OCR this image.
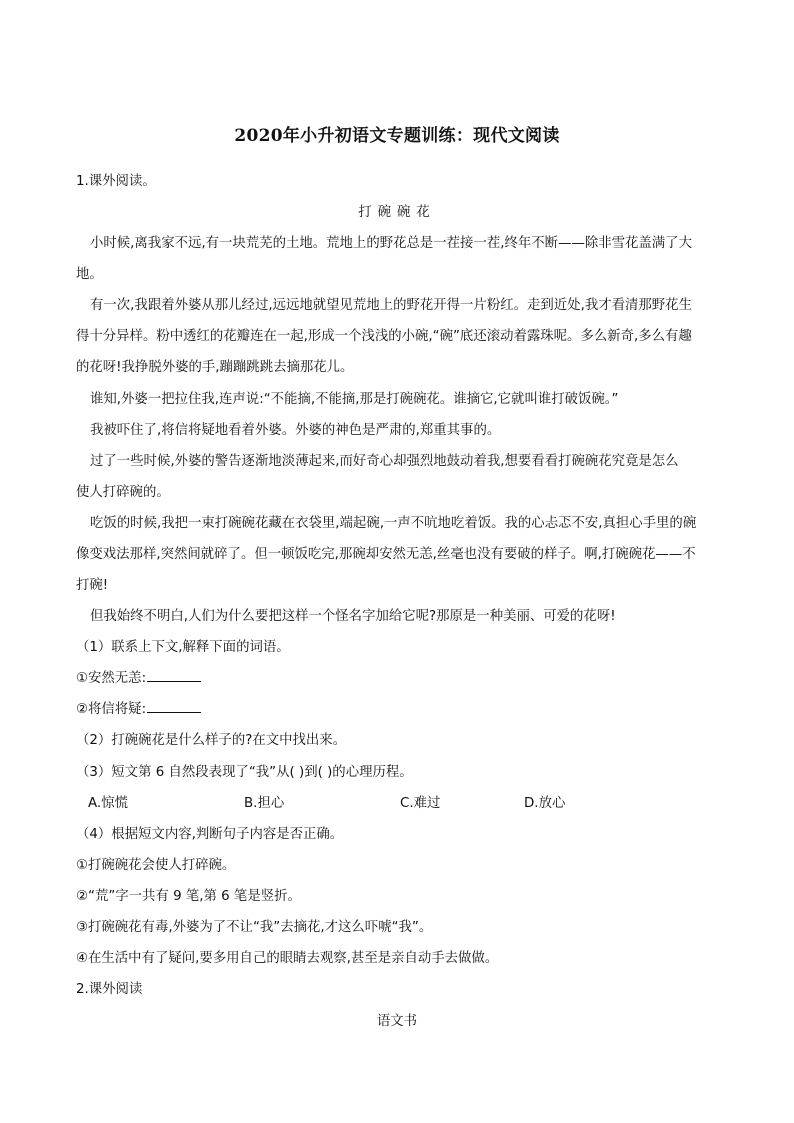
2020年小升初语文专题训练：现代文阅读
1.课外阅读。
打碗碗花
小时候,离我家不远,有一块荒芜的土地。荒地上的野花总是一茬接一茬,终年不断——除非雪花盖满了大
地。
有一次,我跟着外婆从那儿经过,远远地就望见荒地上的野花开得一片粉红。走到近处,我才看清那野花生
得十分异样。粉中透红的花瓣连在一起,形成一个浅浅的小碗,“碗”底还滚动着露珠呢。多么新奇,多么有趣
的花呀!我挣脱外婆的手,蹦蹦跳跳去摘那花儿。
谁知,外婆一把拉住我,连声说:“不能摘,不能摘,那是打碗碗花。谁摘它,它就叫谁打破饭碗。”
我被吓住了,将信将疑地看着外婆。外婆的神色是严肃的,郑重其事的。
过了一些时候,外婆的警告逐渐地淡薄起来,而好奇心却强烈地鼓动着我,想要看看打碗碗花究竟是怎么
使人打碎碗的。
吃饭的时候,我把一束打碗碗花藏在衣袋里,端起碗,一声不吭地吃着饭。我的心忐忑不安,真担心手里的碗
像变戏法那样,突然间就碎了。但一顿饭吃完,那碗却安然无恙,丝毫也没有要破的样子。啊,打碗碗花——不
打碗!
但我始终不明白,人们为什么要把这样一个怪名字加给它呢?那原是一种美丽、可爱的花呀!
（1）联系上下文,解释下面的词语。
①安然无恙:
②将信将疑:
（2）打碗碗花是什么样子的?在文中找出来。
（3）短文第 6 自然段表现了“我”从( )到( )的心理历程。
A.惊慌	B.担心	C.难过	D.放心
（4）根据短文内容,判断句子内容是否正确。
①打碗碗花会使人打碎碗。
②“荒”字一共有 9 笔,第 6 笔是竖折。
③打碗碗花有毒,外婆为了不让“我”去摘花,才这么吓唬“我”。
④在生活中有了疑问,要多用自己的眼睛去观察,甚至是亲自动手去做做。
2.课外阅读
语文书
